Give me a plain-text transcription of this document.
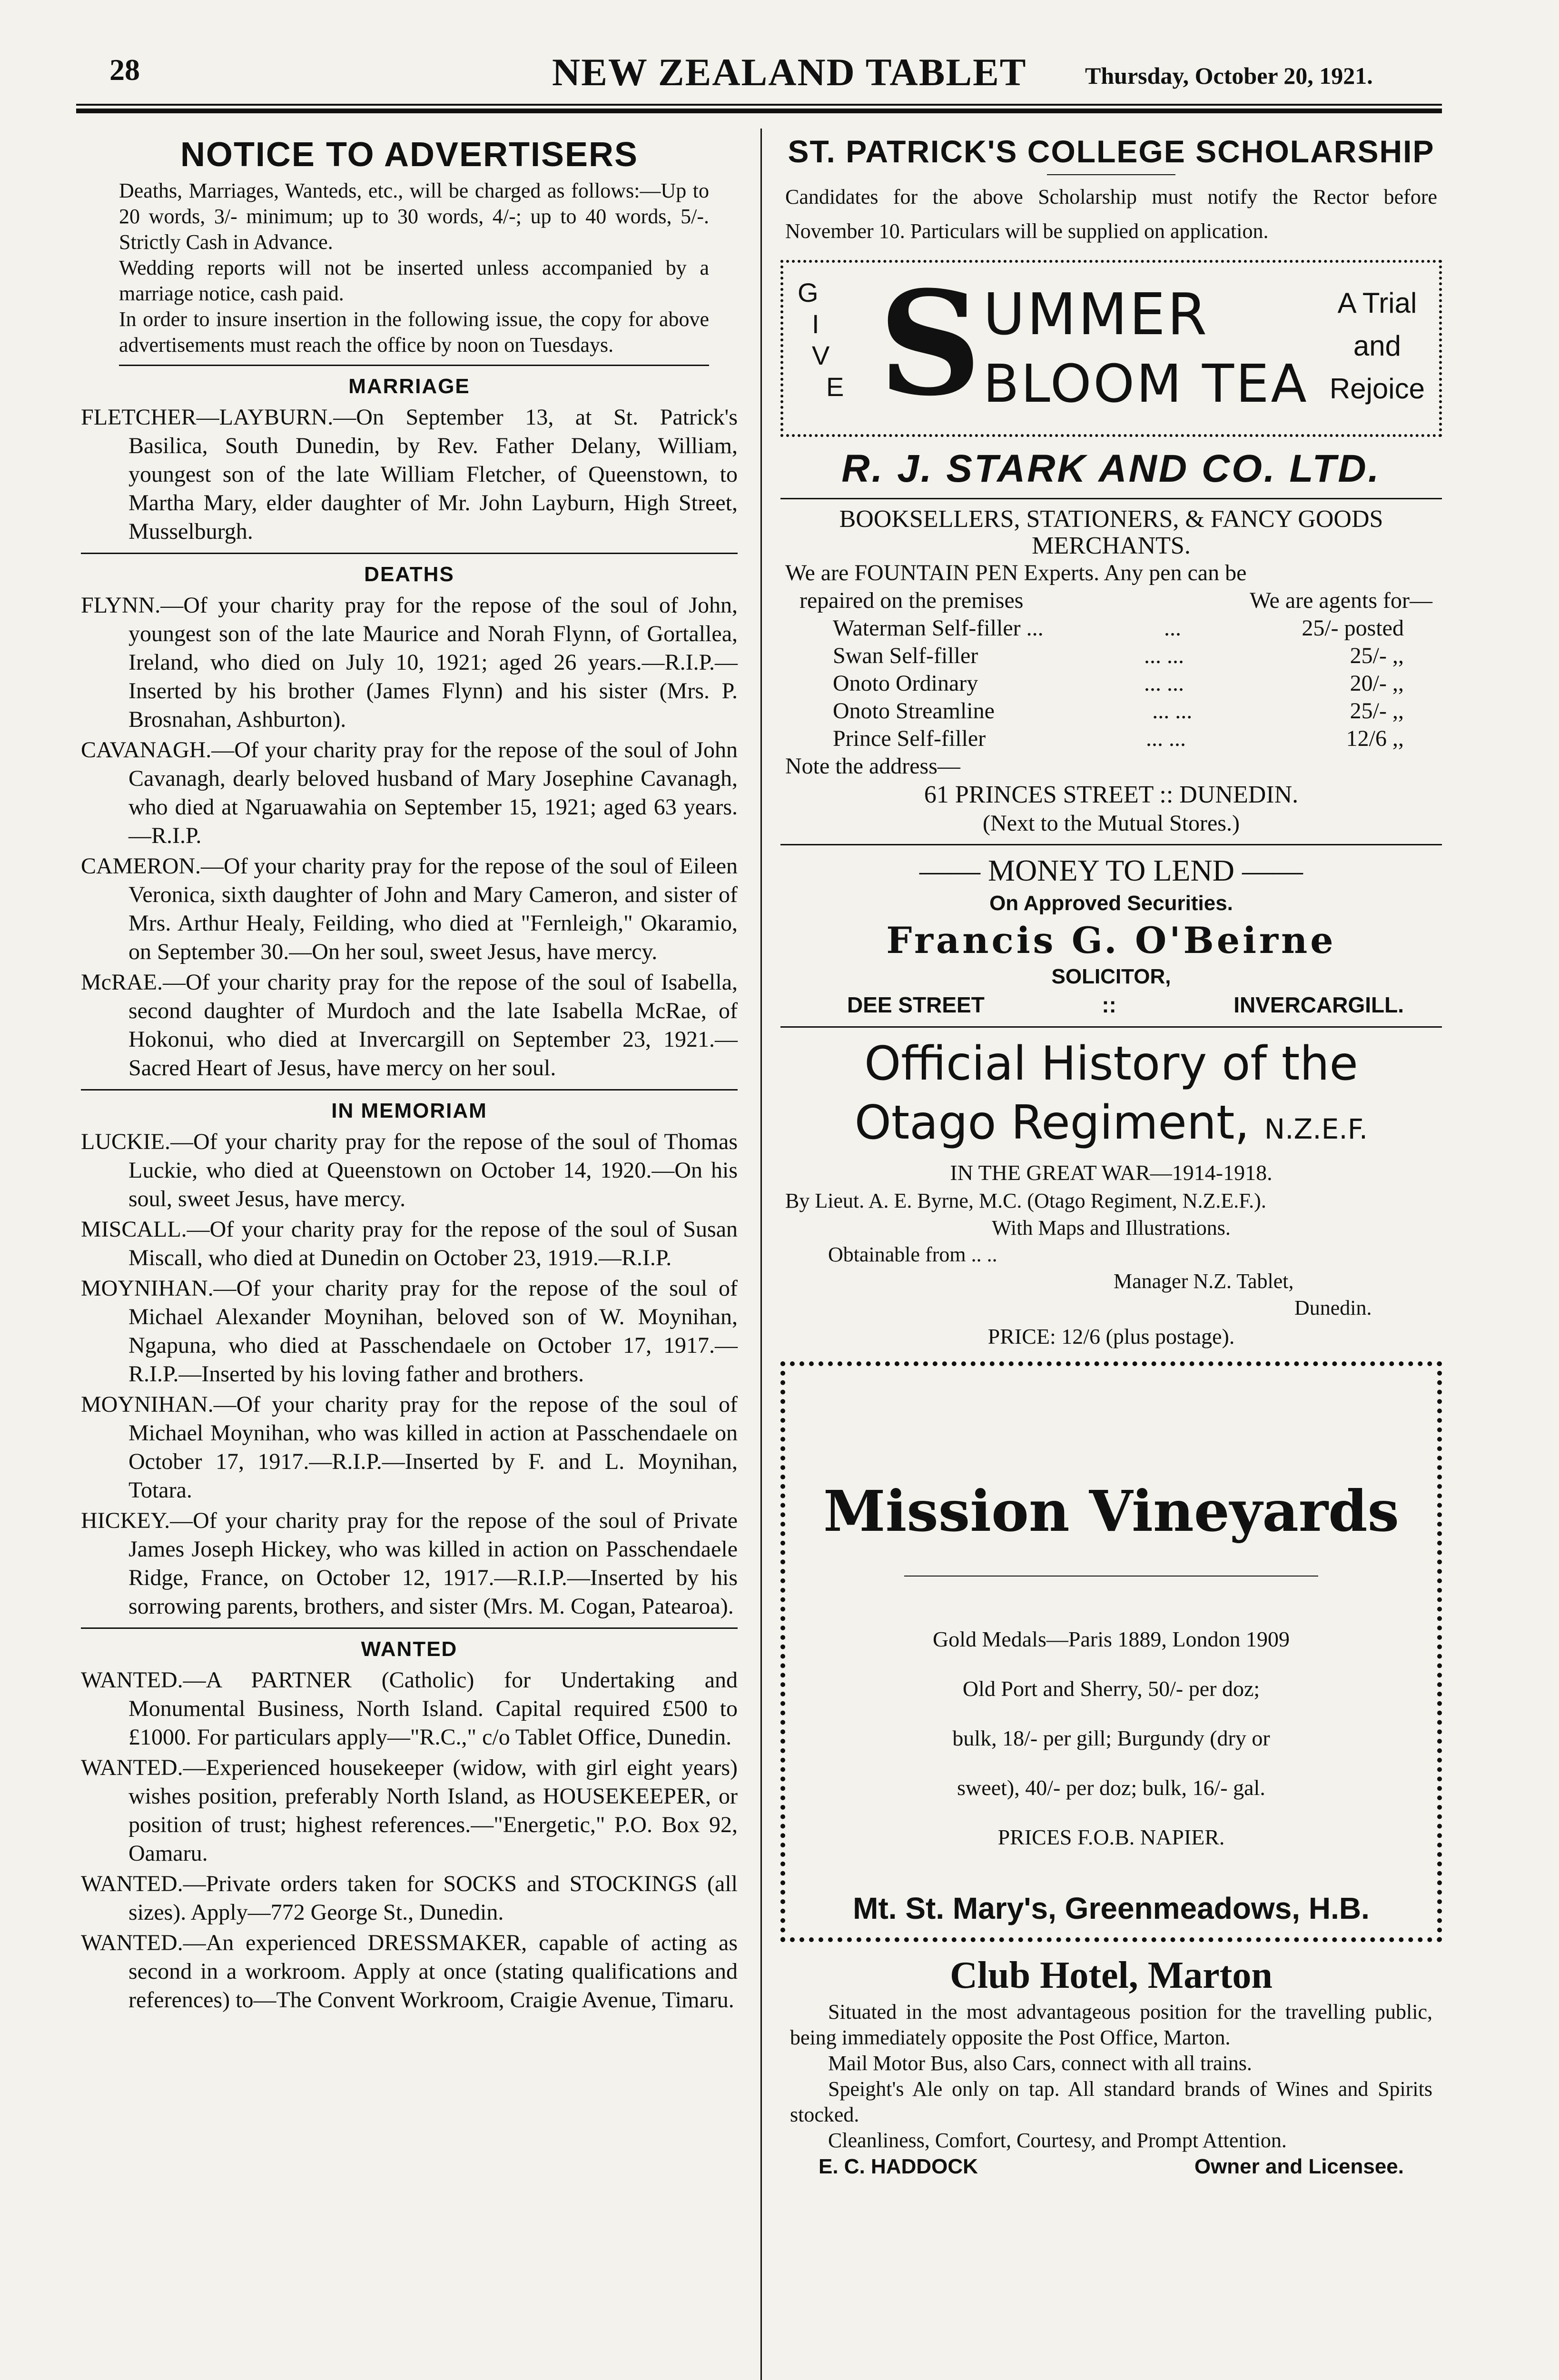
28	NEW ZEALAND TABLET Thursday, October 20, 1921.
NOTICE TO ADVERTISERS

Deaths, Marriages, Wanteds, etc., will be charged as follows:—Up to 20 words, 3/- minimum; up to 30 words, 4/-; up to 40 words, 5/-. Strictly Cash in Advance.

Wedding reports will not be inserted unless accompanied by a marriage notice, cash paid.

In order to insure insertion in the following issue, the copy for above advertisements must reach the office by noon on Tuesdays.

MARRIAGE

FLETCHER—LAYBURN.—On September 13, at St. Patrick's Basilica, South Dunedin, by Rev. Father Delany, William, youngest son of the late William Fletcher, of Queenstown, to Martha Mary, elder daughter of Mr. John Layburn, High Street, Musselburgh.

DEATHS

FLYNN.—Of your charity pray for the repose of the soul of John, youngest son of the late Maurice and Norah Flynn, of Gortallea, Ireland, who died on July 10, 1921; aged 26 years.—R.I.P.—Inserted by his brother (James Flynn) and his sister (Mrs. P. Brosnahan, Ashburton).

CAVANAGH.—Of your charity pray for the repose of the soul of John Cavanagh, dearly beloved husband of Mary Josephine Cavanagh, who died at Ngaruawahia on September 15, 1921; aged 63 years.—R.I.P.

CAMERON.—Of your charity pray for the repose of the soul of Eileen Veronica, sixth daughter of John and Mary Cameron, and sister of Mrs. Arthur Healy, Feilding, who died at "Fernleigh," Okaramio, on September 30.—On her soul, sweet Jesus, have mercy.

McRAE.—Of your charity pray for the repose of the soul of Isabella, second daughter of Murdoch and the late Isabella McRae, of Hokonui, who died at Invercargill on September 23, 1921.—Sacred Heart of Jesus, have mercy on her soul.

IN MEMORIAM

LUCKIE.—Of your charity pray for the repose of the soul of Thomas Luckie, who died at Queenstown on October 14, 1920.—On his soul, sweet Jesus, have mercy.

MISCALL.—Of your charity pray for the repose of the soul of Susan Miscall, who died at Dunedin on October 23, 1919.—R.I.P.

MOYNIHAN.—Of your charity pray for the repose of the soul of Michael Alexander Moynihan, beloved son of W. Moynihan, Ngapuna, who died at Passchendaele on October 17, 1917.—R.I.P.—Inserted by his loving father and brothers.

MOYNIHAN.—Of your charity pray for the repose of the soul of Michael Moynihan, who was killed in action at Passchendaele on October 17, 1917.—R.I.P.—Inserted by F. and L. Moynihan, Totara.

HICKEY.—Of your charity pray for the repose of the soul of Private James Joseph Hickey, who was killed in action on Passchendaele Ridge, France, on October 12, 1917.—R.I.P.—Inserted by his sorrowing parents, brothers, and sister (Mrs. M. Cogan, Patearoa).

WANTED

WANTED.—A PARTNER (Catholic) for Undertaking and Monumental Business, North Island. Capital required £500 to £1000. For particulars apply—"R.C.," c/o Tablet Office, Dunedin.

WANTED.—Experienced housekeeper (widow, with girl eight years) wishes position, preferably North Island, as HOUSEKEEPER, or position of trust; highest references.—"Energetic," P.O. Box 92, Oamaru.

WANTED.—Private orders taken for SOCKS and STOCKINGS (all sizes). Apply—772 George St., Dunedin.

WANTED.—An experienced DRESSMAKER, capable of acting as second in a workroom. Apply at once (stating qualifications and references) to—The Convent Workroom, Craigie Avenue, Timaru.

ST. PATRICK'S COLLEGE SCHOLARSHIP

Candidates for the above Scholarship must notify the Rector before November 10. Particulars will be supplied on application.

G
I
V
E S UMMER
BLOOM TEA
A Trial
and
Rejoice
R. J. STARK AND CO. LTD.
BOOKSELLERS, STATIONERS, & FANCY GOODS
MERCHANTS.
We are FOUNTAIN PEN Experts. Any pen can be
repaired on the premises	We are agents for—
Waterman Self-filler ...	...	25/- posted
Swan Self-filler	... ...	25/- ,,
Onoto Ordinary	... ...	20/- ,,
Onoto Streamline	... ...	25/- ,,
Prince Self-filler	... ...	12/6 ,,
Note the address—
61 PRINCES STREET :: DUNEDIN.
(Next to the Mutual Stores.)
—— MONEY TO LEND ——
On Approved Securities.
Francis G. O'Beirne
SOLICITOR,
DEE STREET	::	INVERCARGILL.
Official History of the
Otago Regiment, N.Z.E.F.
IN THE GREAT WAR—1914-1918.
By Lieut. A. E. Byrne, M.C. (Otago Regiment, N.Z.E.F.).
With Maps and Illustrations.
Obtainable from .. ..
Manager N.Z. Tablet,
Dunedin.
PRICE: 12/6 (plus postage).
Mission Vineyards
Gold Medals—Paris 1889, London 1909
Old Port and Sherry, 50/- per doz;
bulk, 18/- per gill; Burgundy (dry or
sweet), 40/- per doz; bulk, 16/- gal.
PRICES F.O.B. NAPIER.
Mt. St. Mary's, Greenmeadows, H.B.
Club Hotel, Marton

Situated in the most advantageous position for the travelling public, being immediately opposite the Post Office, Marton.

Mail Motor Bus, also Cars, connect with all trains.

Speight's Ale only on tap. All standard brands of Wines and Spirits stocked.

Cleanliness, Comfort, Courtesy, and Prompt Attention.

E. C. HADDOCK	Owner and Licensee.
